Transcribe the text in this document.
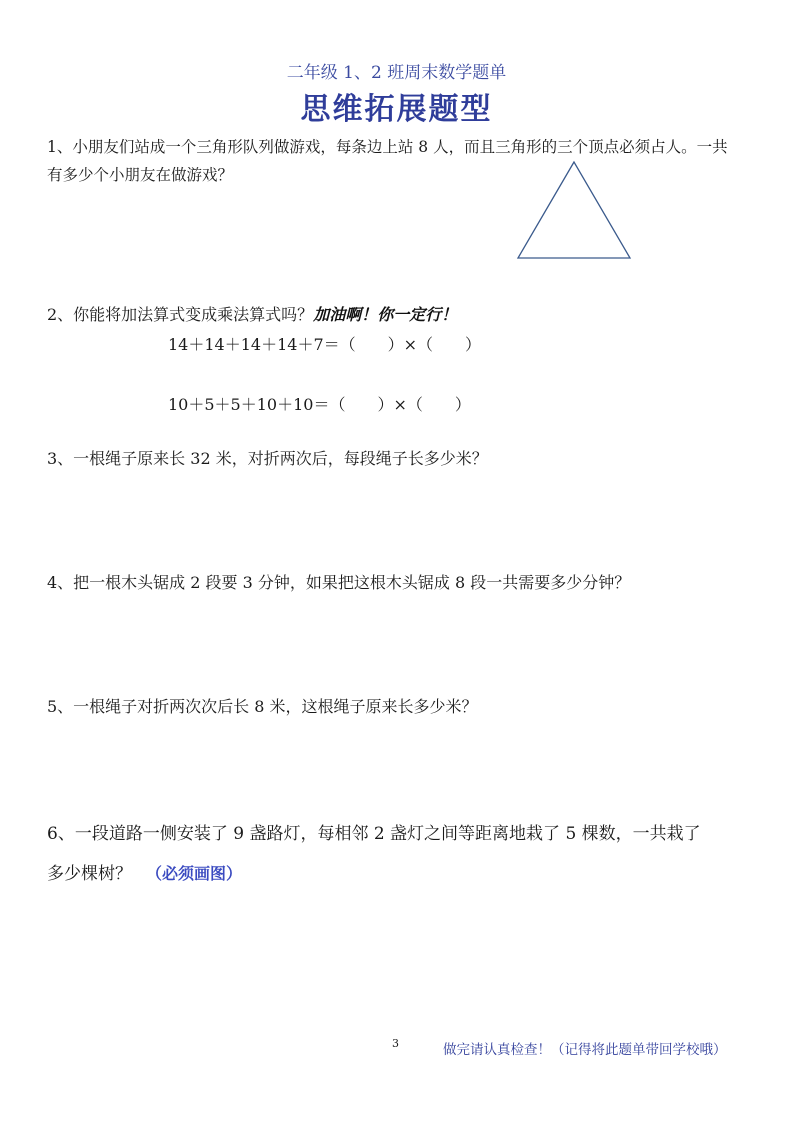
二年级 1、2 班周末数学题单
思维拓展题型
1、小朋友们站成一个三角形队列做游戏，每条边上站 8 人，而且三角形的三个顶点必须占人。一共
有多少个小朋友在做游戏？
2、你能将加法算式变成乘法算式吗？加油啊！你一定行！
14＋14＋14＋14＋7＝（　　）×（　　）
10＋5＋5＋10＋10＝（　　）×（　　）
3、一根绳子原来长 32 米，对折两次后，每段绳子长多少米？
4、把一根木头锯成 2 段要 3 分钟，如果把这根木头锯成 8 段一共需要多少分钟？
5、一根绳子对折两次次后长 8 米，这根绳子原来长多少米？
6、一段道路一侧安装了 9 盏路灯，每相邻 2 盏灯之间等距离地栽了 5 棵数，一共栽了
多少棵树？ （必须画图）
3	做完请认真检查！（记得将此题单带回学校哦）
